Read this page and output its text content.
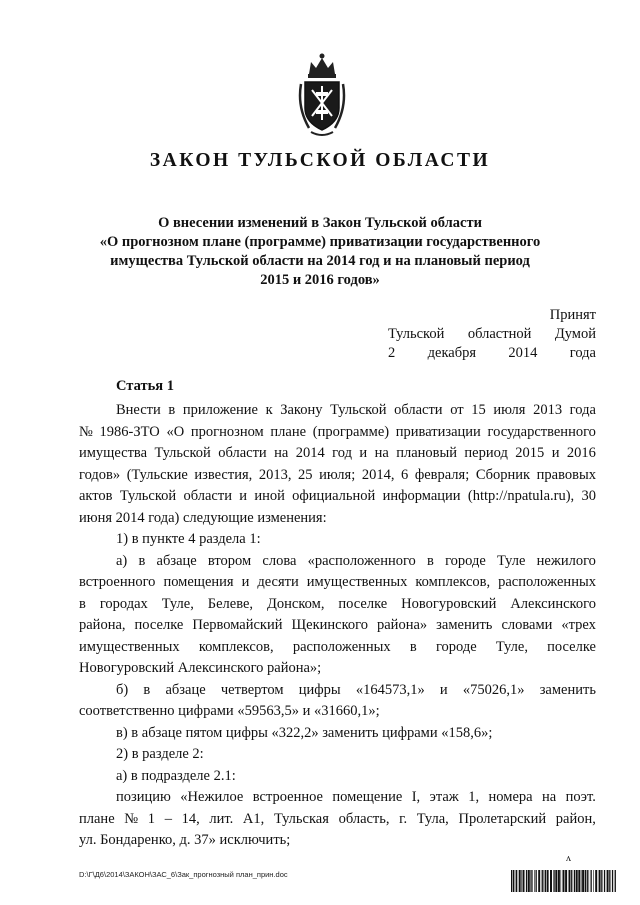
ЗАКОН ТУЛЬСКОЙ ОБЛАСТИ
О внесении изменений в Закон Тульской области
«О прогнозном плане (программе) приватизации государственного
имущества Тульской области на 2014 год и на плановый период
2015 и 2016 годов»
Принят
Тульской областной Думой
2 декабря 2014 года
Статья 1
Внести в приложение к Закону Тульской области от 15 июля 2013 года
№ 1986-ЗТО «О прогнозном плане (программе) приватизации государственного
имущества Тульской области на 2014 год и на плановый период 2015 и 2016
годов» (Тульские известия, 2013, 25 июля; 2014, 6 февраля; Сборник правовых
актов Тульской области и иной официальной информации (http://npatula.ru), 30
июня 2014 года) следующие изменения:
1) в пункте 4 раздела 1:
а) в абзаце втором слова «расположенного в городе Туле нежилого
встроенного помещения и десяти имущественных комплексов, расположенных
в городах Туле, Белеве, Донском, поселке Новогуровский Алексинского
района, поселке Первомайский Щекинского района» заменить словами «трех
имущественных комплексов, расположенных в городе Туле, поселке
Новогуровский Алексинского района»;
б) в абзаце четвертом цифры «164573,1» и «75026,1» заменить
соответственно цифрами «59563,5» и «31660,1»;
в) в абзаце пятом цифры «322,2» заменить цифрами «158,6»;
2) в разделе 2:
а) в подразделе 2.1:
позицию «Нежилое встроенное помещение I, этаж 1, номера на поэт.
плане № 1 – 14, лит. А1, Тульская область, г. Тула, Пролетарский район,
ул. Бондаренко, д. 37» исключить;
ʌ
D:\Г\Д6\2014\ЗАКОН\ЗАС_6\Зак_прогнозный план_прин.doc
